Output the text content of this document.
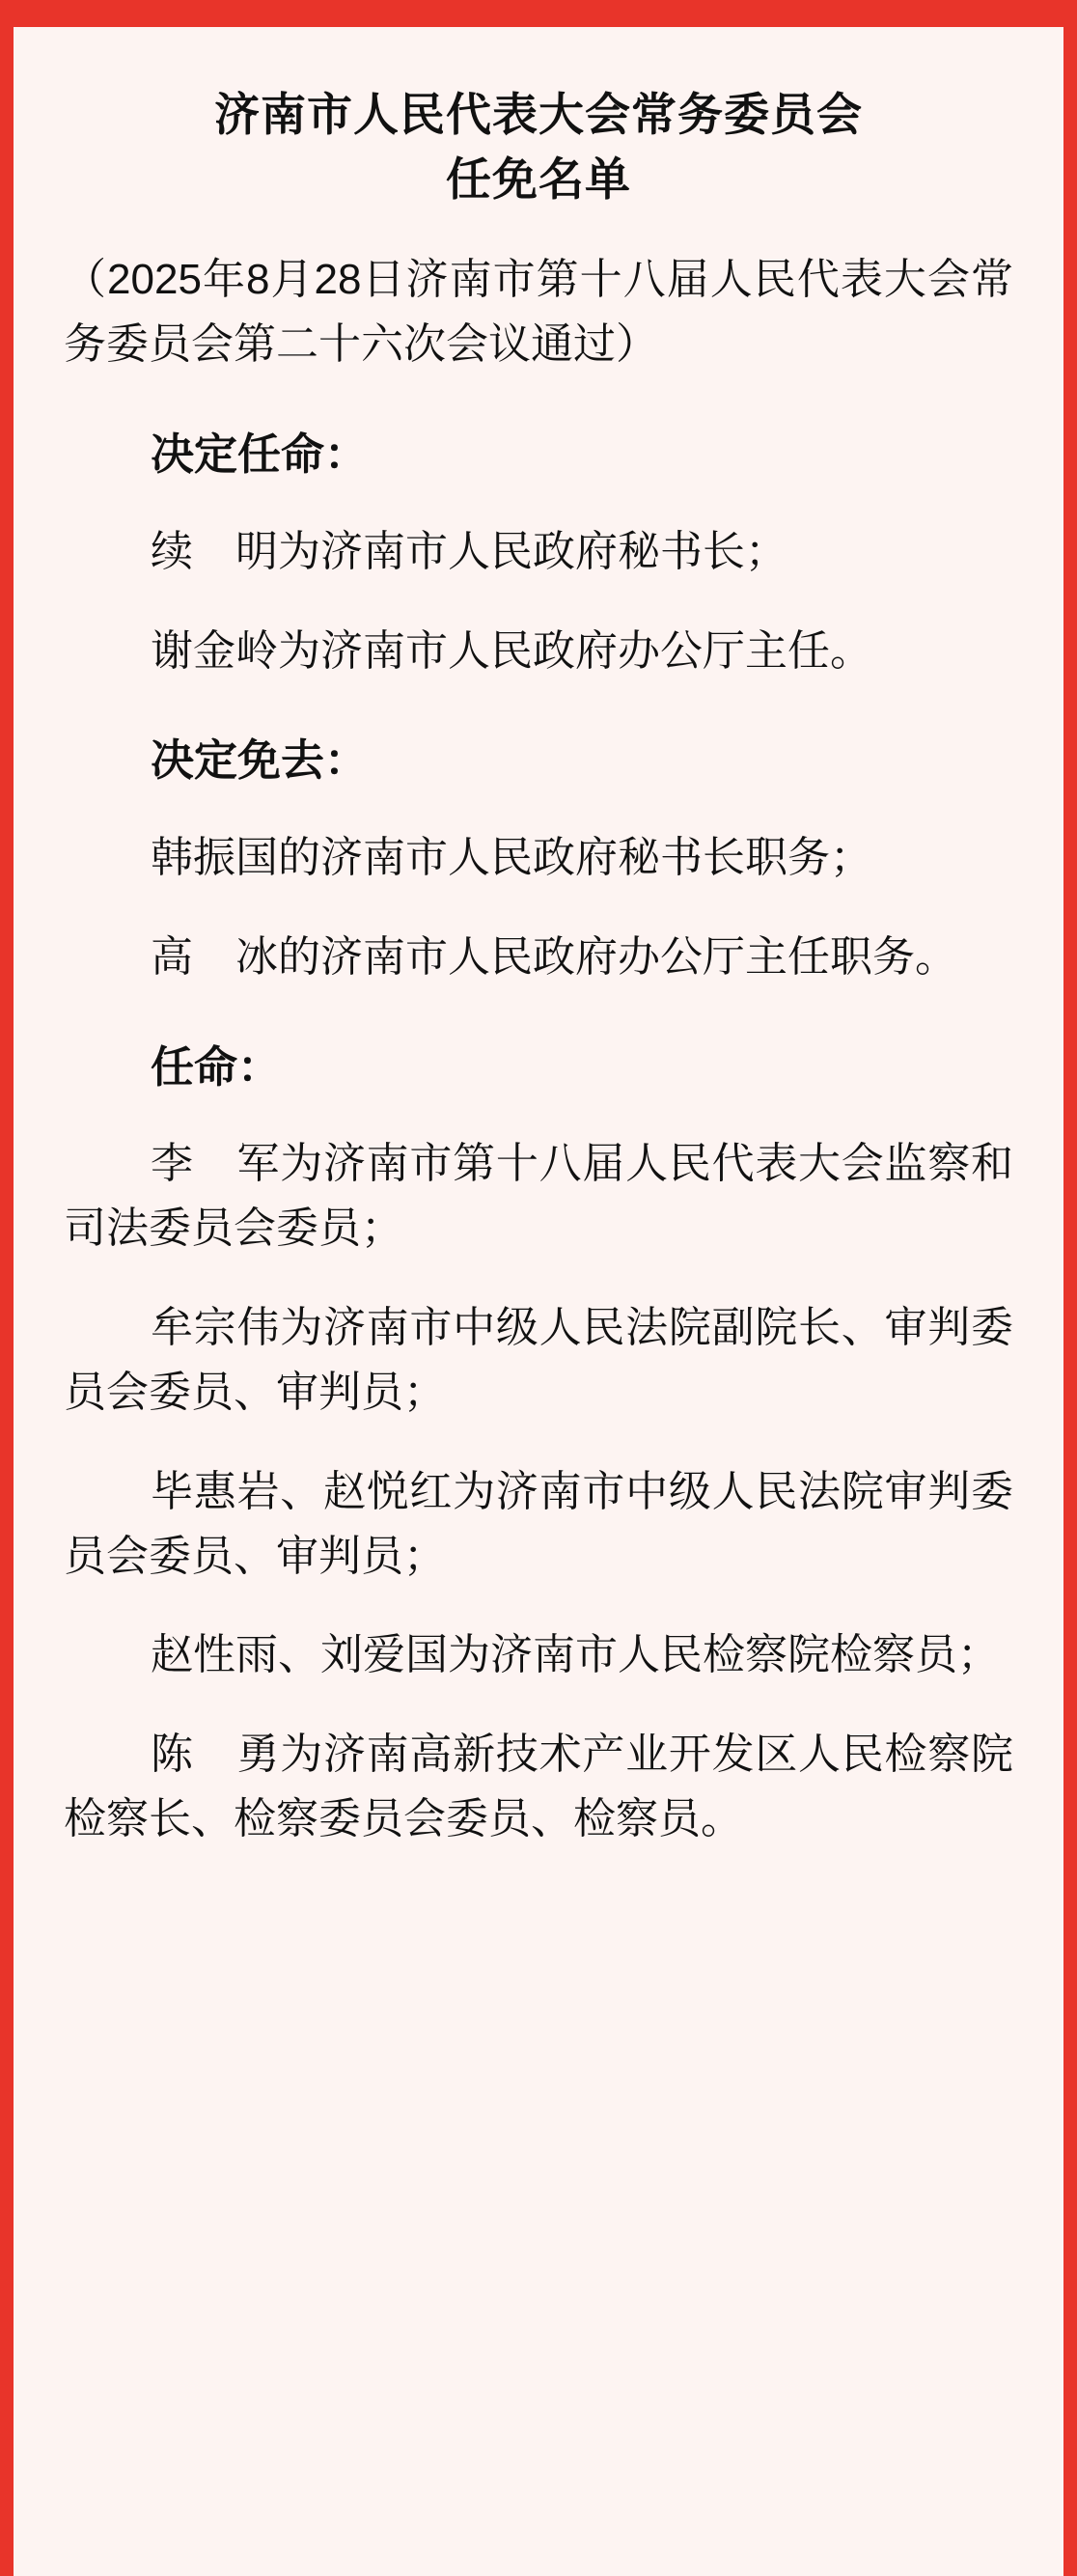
济南市人民代表大会常务委员会
任免名单
（2025年8月28日济南市第十八届人民代表大会常务委员会第二十六次会议通过）
决定任命：
续　明为济南市人民政府秘书长；
谢金岭为济南市人民政府办公厅主任。
决定免去：
韩振国的济南市人民政府秘书长职务；
高　冰的济南市人民政府办公厅主任职务。
任命：
李　军为济南市第十八届人民代表大会监察和司法委员会委员；
牟宗伟为济南市中级人民法院副院长、审判委员会委员、审判员；
毕惠岩、赵悦红为济南市中级人民法院审判委员会委员、审判员；
赵性雨、刘爱国为济南市人民检察院检察员；
陈　勇为济南高新技术产业开发区人民检察院检察长、检察委员会委员、检察员。
